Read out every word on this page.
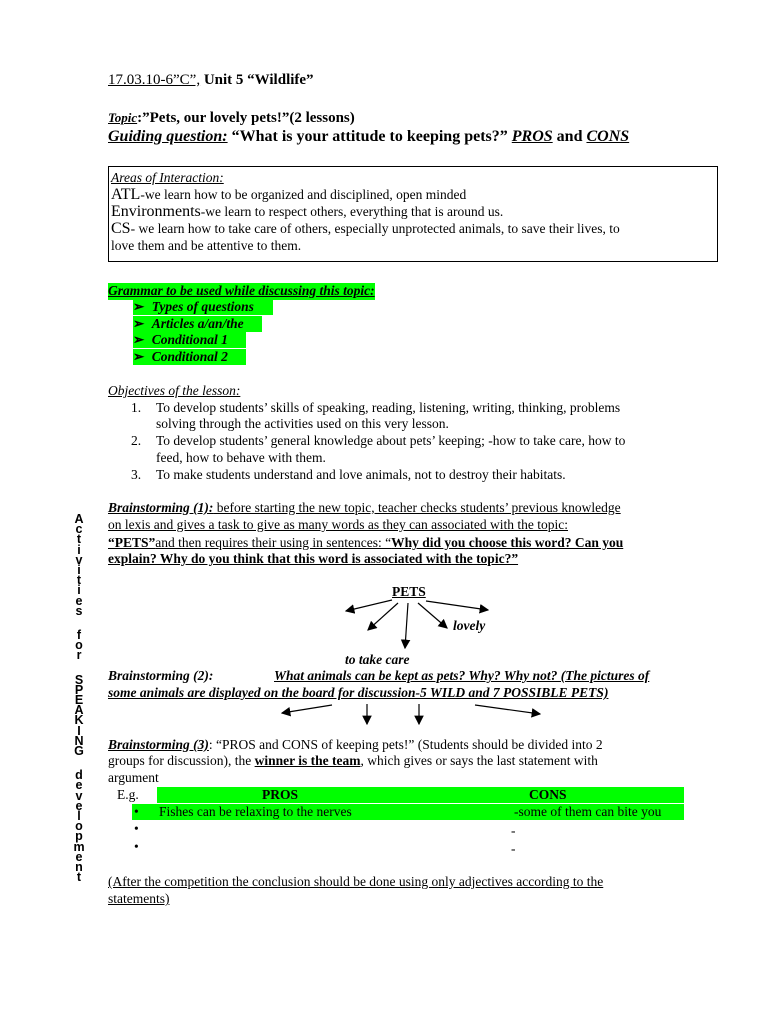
17.03.10-6”C”, Unit 5 “Wildlife”
Topic:”Pets, our lovely pets!”(2 lessons)
Guiding question: “What is your attitude to keeping pets?” PROS and CONS
Areas of Interaction:
ATL-we learn how to be organized and disciplined, open minded
Environments-we learn to respect others, everything that is around us.
CS- we learn how to take care of others, especially unprotected animals, to save their lives, to
love them and be attentive to them.
Grammar to be used while discussing this topic:
➢ Types of questions
➢ Articles a/an/the
➢ Conditional 1
➢ Conditional 2
Objectives of the lesson:
1. To develop students’ skills of speaking, reading, listening, writing, thinking, problems
solving through the activities used on this very lesson.
2. To develop students’ general knowledge about pets’ keeping; -how to take care, how to
feed, how to behave with them.
3. To make students understand and love animals, not to destroy their habitats.
Brainstorming (1): before starting the new topic, teacher checks students’ previous knowledge
on lexis and gives a task to give as many words as they can associated with the topic:
“PETS”and then requires their using in sentences: “Why did you choose this word? Can you
explain? Why do you think that this word is associated with the topic?”
PETS
lovely
to take care
Brainstorming (2):	What animals can be kept as pets? Why? Why not? (The pictures of
some animals are displayed on the board for discussion-5 WILD and 7 POSSIBLE PETS)
Brainstorming (3): “PROS and CONS of keeping pets!” (Students should be divided into 2
groups for discussion), the winner is the team, which gives or says the last statement with
argument
E.g.	PROS	CONS
• Fishes can be relaxing to the nerves	-some of them can bite you
•	-
•	-
(After the competition the conclusion should be done using only adjectives according to the
statements)
A
c
t
i
v
i
t
i
e
s

f
o
r

S
P
E
A
K
I
N
G

d
e
v
e
l
o
p
m
e
n
t
